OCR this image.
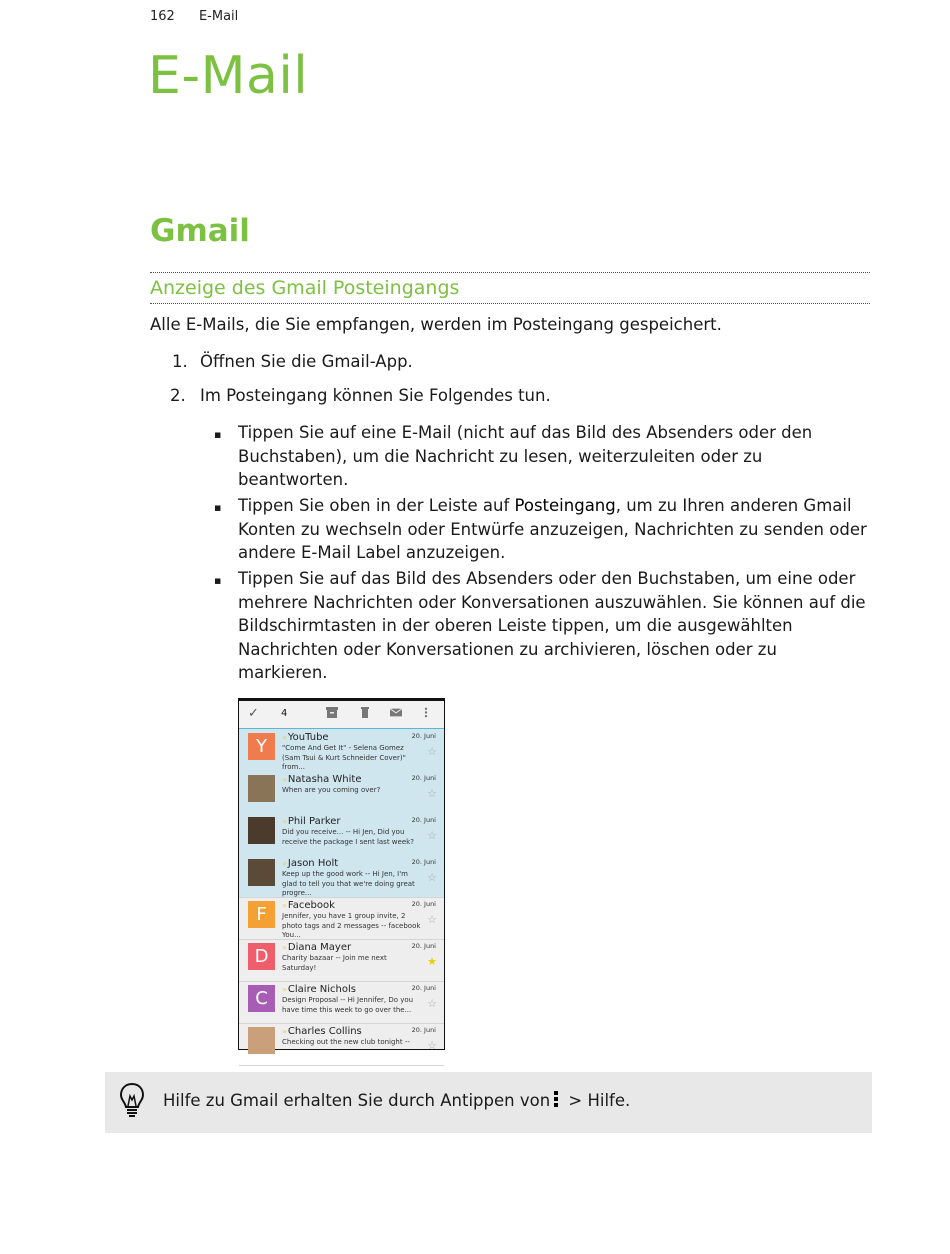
162 E-Mail
E-Mail
Gmail
Anzeige des Gmail Posteingangs
Alle E-Mails, die Sie empfangen, werden im Posteingang gespeichert.
1. Öffnen Sie die Gmail-App.
2. Im Posteingang können Sie Folgendes tun.
▪ Tippen Sie auf eine E-Mail (nicht auf das Bild des Absenders oder den Buchstaben), um die Nachricht zu lesen, weiterzuleiten oder zu beantworten.
▪ Tippen Sie oben in der Leiste auf Posteingang, um zu Ihren anderen Gmail Konten zu wechseln oder Entwürfe anzuzeigen, Nachrichten zu senden oder andere E-Mail Label anzuzeigen.
▪ Tippen Sie auf das Bild des Absenders oder den Buchstaben, um eine oder mehrere Nachrichten oder Konversationen auszuwählen. Sie können auf die Bildschirmtasten in der oberen Leiste tippen, um die ausgewählten Nachrichten oder Konversationen zu archivieren, löschen oder zu markieren.
✓ 4
Y	»YouTube
"Come And Get It" - Selena Gomez (Sam Tsui & Kurt Schneider Cover)" from...
20. Juni
☆
»Natasha White
When are you coming over?
20. Juni
☆
»Phil Parker
Did you receive... -- Hi Jen, Did you receive the package I sent last week?
20. Juni
☆
»Jason Holt
Keep up the good work -- Hi Jen, I'm glad to tell you that we're doing great progre...
20. Juni
☆
F	»Facebook
Jennifer, you have 1 group invite, 2 photo tags and 2 messages -- facebook You...
20. Juni
☆
D	»Diana Mayer
Charity bazaar -- Join me next Saturday!
20. Juni
★
C	»Claire Nichols
Design Proposal -- Hi Jennifer, Do you have time this week to go over the...
20. Juni
☆
»Charles Collins
Checking out the new club tonight --
20. Juni
☆
Hilfe zu Gmail erhalten Sie durch Antippen von
> Hilfe.
